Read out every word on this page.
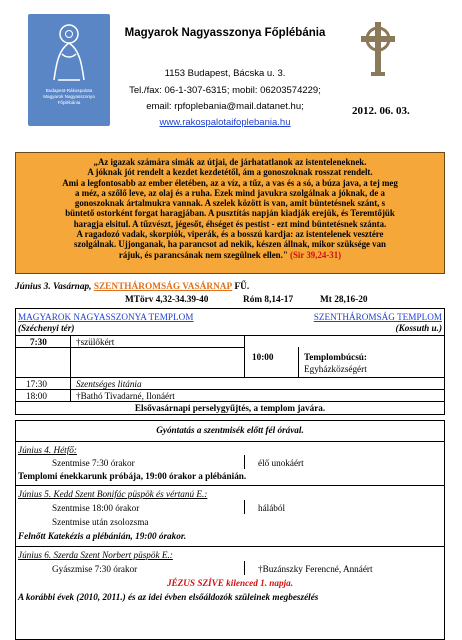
Budapest-Rákospalota
Magyarok Nagyasszonya
Főplébánia
Magyarok Nagyasszonya Főplébánia
1153 Budapest, Bácska u. 3.
Tel./fax: 06-1-307-6315; mobil: 06203574229;
email: rpfoplebania@mail.datanet.hu;
www.rakospalotaifoplebania.hu
2012. 06. 03.
„Az igazak számára simák az útjai, de járhatatlanok az istenteleneknek.
A jóknak jót rendelt a kezdet kezdetétől, ám a gonoszoknak rosszat rendelt.
Ami a legfontosabb az ember életében, az a víz, a tűz, a vas és a só, a búza java, a tej meg
a méz, a szőlő leve, az olaj és a ruha. Ezek mind javukra szolgálnak a jóknak, de a
gonoszoknak ártalmukra vannak. A szelek között is van, amit büntetésnek szánt, s
büntető ostorként forgat haragjában. A pusztítás napján kiadják erejük, és Teremtőjük
haragja elsitul. A tűzvészt, jégesőt, éhséget és pestist - ezt mind büntetésnek szánta.
A ragadozó vadak, skorpiók, viperák, és a bosszú kardja: az istentelenek vesztére
szolgálnak. Ujjonganak, ha parancsot ad nekik, készen állnak, mikor szüksége van
rájuk, és parancsának nem szegülnek ellen." (Sir 39,24-31)
Június 3. Vasárnap, SZENTHÁROMSÁG VASÁRNAP FŰ.
MTörv 4,32-34.39-40	Róm 8,14-17	Mt 28,16-20
MAGYAROK NAGYASSZONYA TEMPLOM
(Széchenyi tér)
SZENTHÁROMSÁG TEMPLOM
(Kossuth u.)
7:30	†szülőkért
10:00	Templombúcsú:
Egyházközségért
17:30	Szentséges litánia
18:00	†Bathó Tivadarné, Ilonáért
Elsővasárnapi perselygyűjtés, a templom javára.
Gyóntatás a szentmisék előtt fél órával.
Június 4. Hétfő:
Szentmise 7:30 órakor	élő unokáért
Templomi énekkarunk próbája, 19:00 órakor a plébánián.
Június 5. Kedd Szent Bonifác püspök és vértanú E.:
Szentmise 18:00 órakor	hálából
Szentmise után zsolozsma
Felnőtt Katekézis a plébánián, 19:00 órakor.
Június 6. Szerda Szent Norbert püspök E.:
Gyászmise 7:30 órakor	†Buzánszky Ferencné, Annáért
JÉZUS SZÍVE kilenced 1. napja.
A korábbi évek (2010, 2011.) és az idei évben elsőáldozók szüleinek megbeszélés
